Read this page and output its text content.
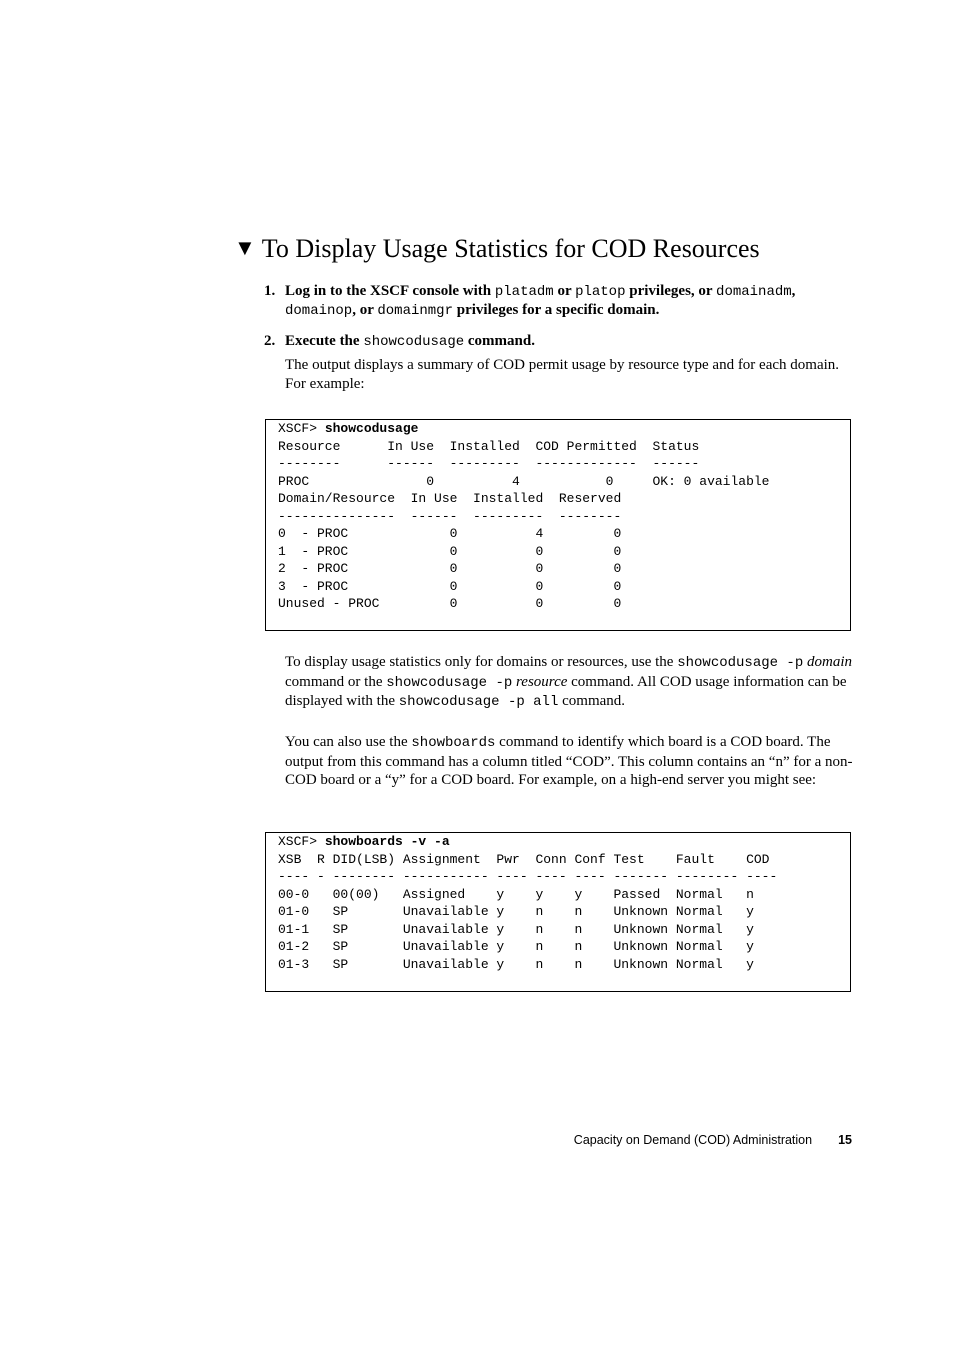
▼ To Display Usage Statistics for COD Resources
1. Log in to the XSCF console with platadm or platop privileges, or domainadm, domainop, or domainmgr privileges for a specific domain.
2. Execute the showcodusage command.
The output displays a summary of COD permit usage by resource type and for each domain. For example:
XSCF> showcodusage
Resource      In Use  Installed  COD Permitted  Status
--------      ------  ---------  -------------  ------
PROC               0          4           0     OK: 0 available
Domain/Resource  In Use  Installed  Reserved
---------------  ------  ---------  --------
0  - PROC             0          4         0
1  - PROC             0          0         0
2  - PROC             0          0         0
3  - PROC             0          0         0
Unused - PROC         0          0         0
To display usage statistics only for domains or resources, use the showcodusage -p domain command or the showcodusage -p resource command. All COD usage information can be displayed with the showcodusage -p all command.
You can also use the showboards command to identify which board is a COD board. The output from this command has a column titled “COD”. This column contains an “n” for a non-COD board or a “y” for a COD board. For example, on a high-end server you might see:
XSCF> showboards -v -a
XSB  R DID(LSB) Assignment  Pwr  Conn Conf Test    Fault    COD
---- - -------- ----------- ---- ---- ---- ------- -------- ----
00-0   00(00)   Assigned    y    y    y    Passed  Normal   n
01-0   SP       Unavailable y    n    n    Unknown Normal   y
01-1   SP       Unavailable y    n    n    Unknown Normal   y
01-2   SP       Unavailable y    n    n    Unknown Normal   y
01-3   SP       Unavailable y    n    n    Unknown Normal   y
Capacity on Demand (COD) Administration 15
